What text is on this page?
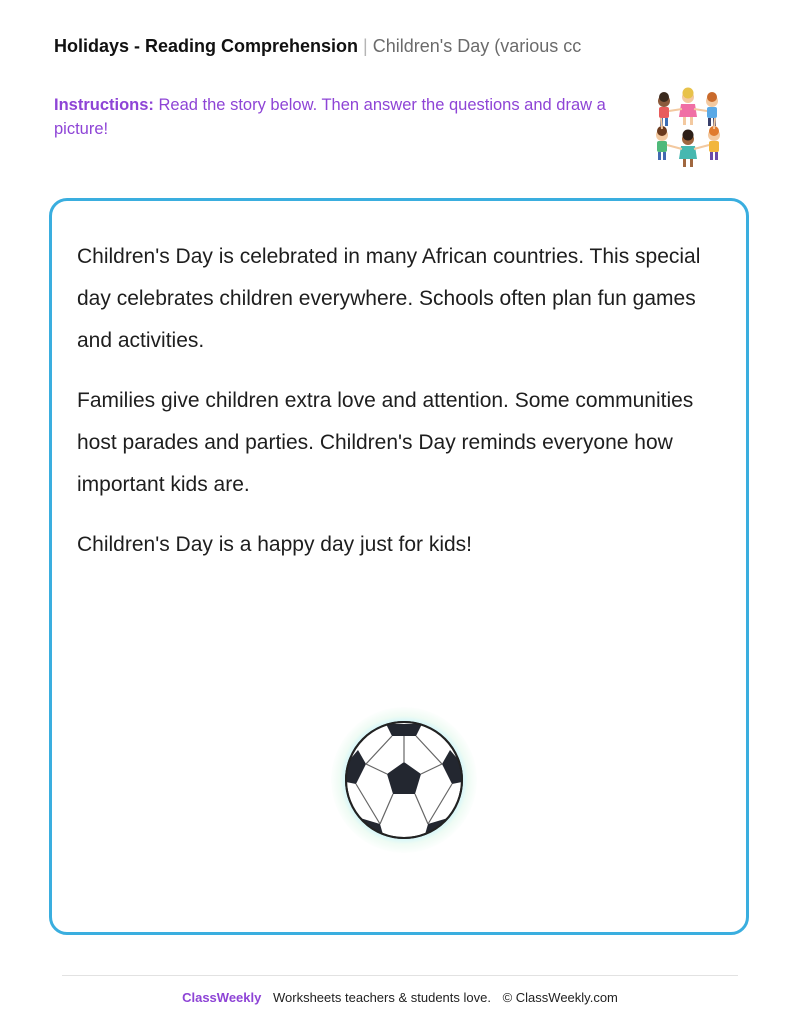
Holidays - Reading Comprehension | Children's Day (various cc
Instructions: Read the story below. Then answer the questions and draw a picture!

Children's Day is celebrated in many African countries. This special day celebrates children everywhere. Schools often plan fun games and activities.

Families give children extra love and attention. Some communities host parades and parties. Children's Day reminds everyone how important kids are.

Children's Day is a happy day just for kids!

ClassWeekly Worksheets teachers & students love. © ClassWeekly.com
